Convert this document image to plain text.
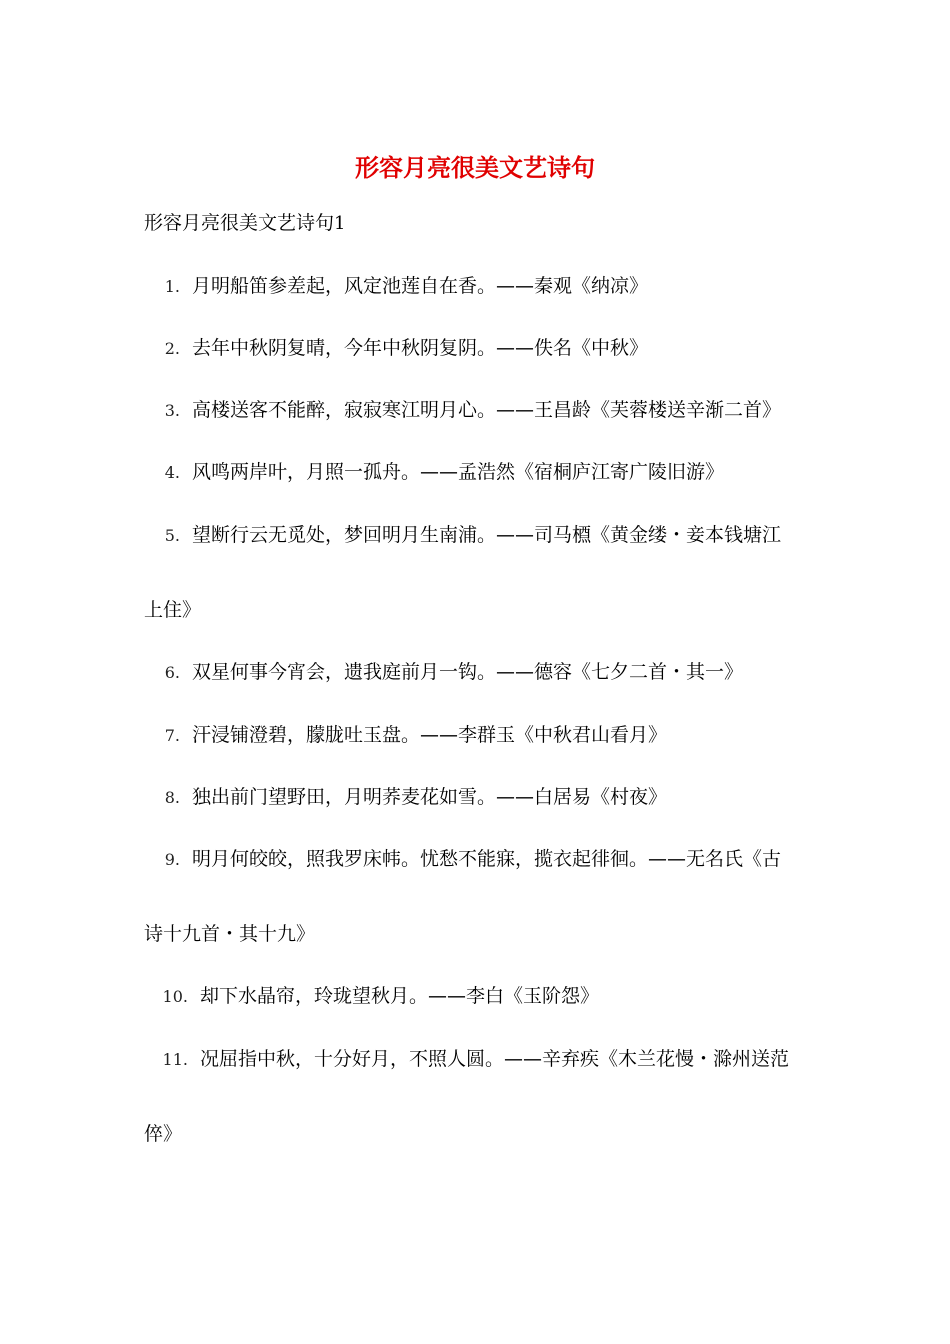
形容月亮很美文艺诗句
形容月亮很美文艺诗句1
1. 月明船笛参差起，风定池莲自在香。——秦观《纳凉》
2. 去年中秋阴复晴，今年中秋阴复阴。——佚名《中秋》
3. 高楼送客不能醉，寂寂寒江明月心。——王昌龄《芙蓉楼送辛渐二首》
4. 风鸣两岸叶，月照一孤舟。——孟浩然《宿桐庐江寄广陵旧游》
5. 望断行云无觅处，梦回明月生南浦。——司马槱《黄金缕・妾本钱塘江
上住》
6. 双星何事今宵会，遗我庭前月一钩。——德容《七夕二首・其一》
7. 汗浸铺澄碧，朦胧吐玉盘。——李群玉《中秋君山看月》
8. 独出前门望野田，月明荞麦花如雪。——白居易《村夜》
9. 明月何皎皎，照我罗床帏。忧愁不能寐，揽衣起徘徊。——无名氏《古
诗十九首・其十九》
10. 却下水晶帘，玲珑望秋月。——李白《玉阶怨》
11. 况屈指中秋，十分好月，不照人圆。——辛弃疾《木兰花慢・滁州送范
倅》
